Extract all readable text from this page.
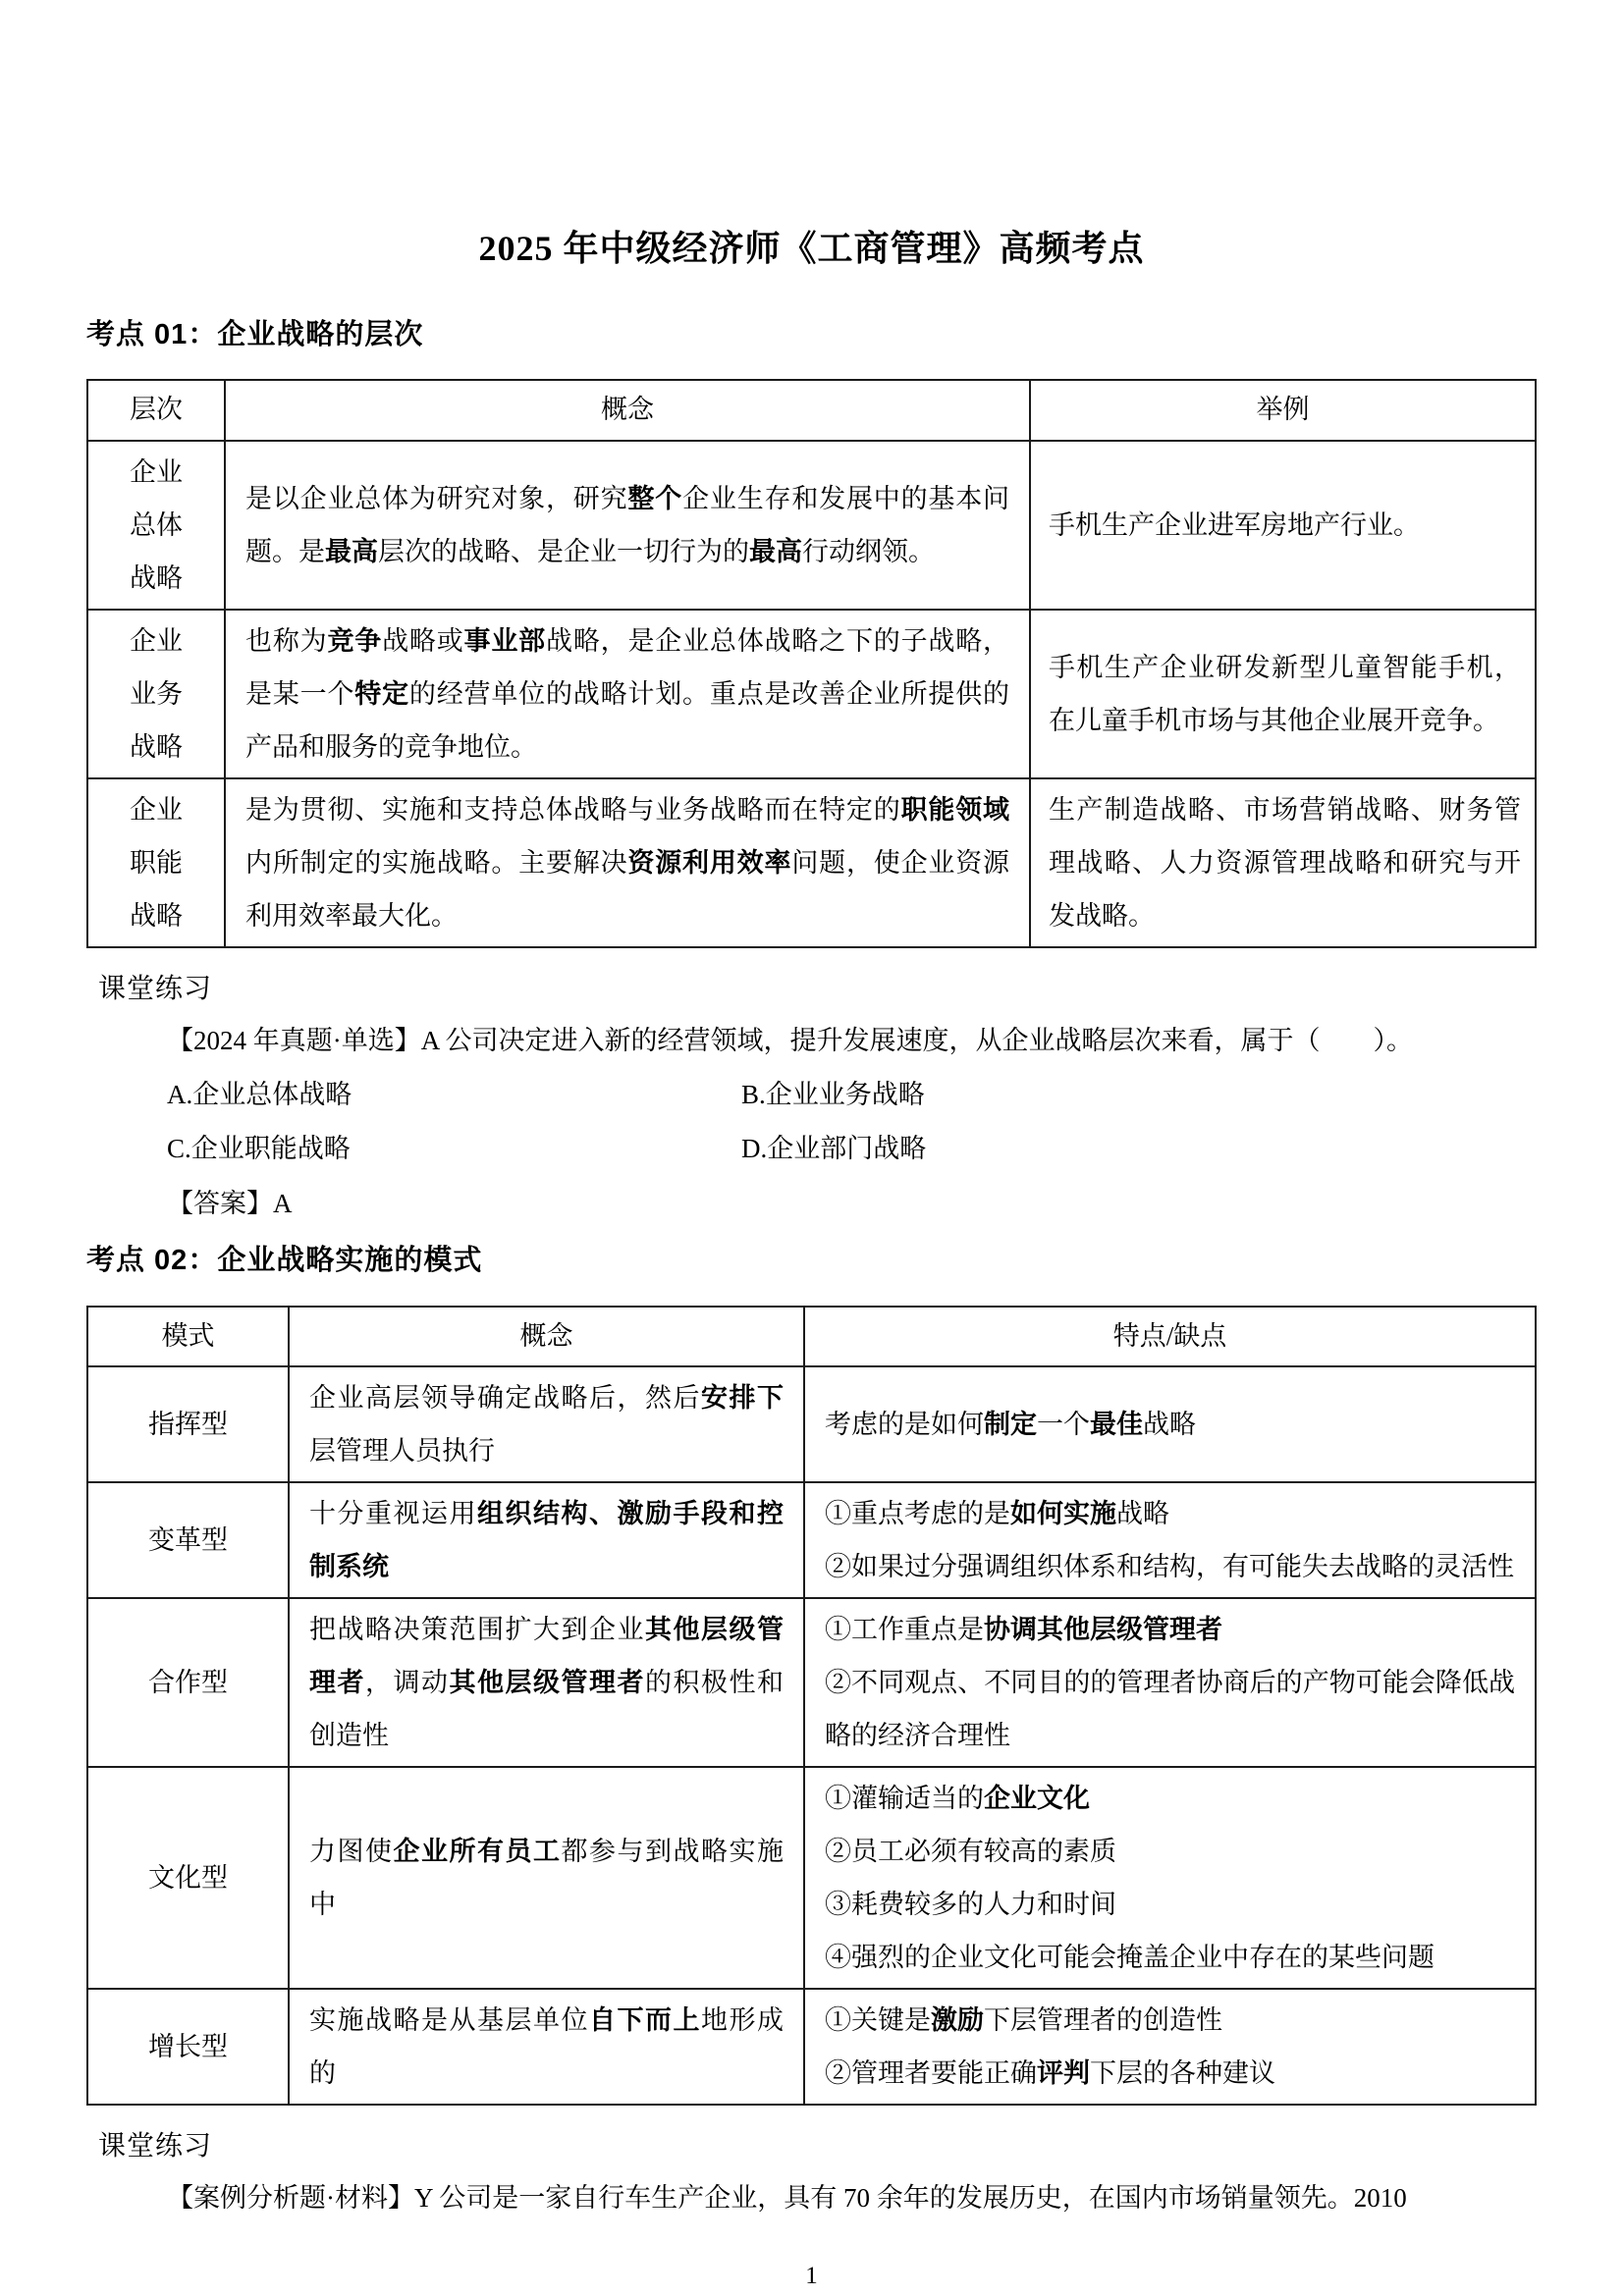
2025 年中级经济师《工商管理》高频考点
考点 01：企业战略的层次
层次	概念	举例
企业总体战略	是以企业总体为研究对象，研究整个企业生存和发展中的基本问题。是最高层次的战略、是企业一切行为的最高行动纲领。	手机生产企业进军房地产行业。
企业业务战略	也称为竞争战略或事业部战略，是企业总体战略之下的子战略，是某一个特定的经营单位的战略计划。重点是改善企业所提供的产品和服务的竞争地位。	手机生产企业研发新型儿童智能手机，在儿童手机市场与其他企业展开竞争。
企业职能战略	是为贯彻、实施和支持总体战略与业务战略而在特定的职能领域内所制定的实施战略。主要解决资源利用效率问题，使企业资源利用效率最大化。	生产制造战略、市场营销战略、财务管理战略、人力资源管理战略和研究与开发战略。
课堂练习

【2024 年真题·单选】A 公司决定进入新的经营领域，提升发展速度，从企业战略层次来看，属于（　　）。

A.企业总体战略	B.企业业务战略
C.企业职能战略	D.企业部门战略

【答案】A

考点 02：企业战略实施的模式
模式	概念	特点/缺点
指挥型	企业高层领导确定战略后，然后安排下层管理人员执行	考虑的是如何制定一个最佳战略
变革型	十分重视运用组织结构、激励手段和控制系统	①重点考虑的是如何实施战略
②如果过分强调组织体系和结构，有可能失去战略的灵活性
合作型	把战略决策范围扩大到企业其他层级管理者，调动其他层级管理者的积极性和创造性	①工作重点是协调其他层级管理者
②不同观点、不同目的的管理者协商后的产物可能会降低战略的经济合理性
文化型	力图使企业所有员工都参与到战略实施中	①灌输适当的企业文化
②员工必须有较高的素质
③耗费较多的人力和时间
④强烈的企业文化可能会掩盖企业中存在的某些问题
增长型	实施战略是从基层单位自下而上地形成的	①关键是激励下层管理者的创造性
②管理者要能正确评判下层的各种建议
课堂练习

【案例分析题·材料】Y 公司是一家自行车生产企业，具有 70 余年的发展历史，在国内市场销量领先。2010

1
